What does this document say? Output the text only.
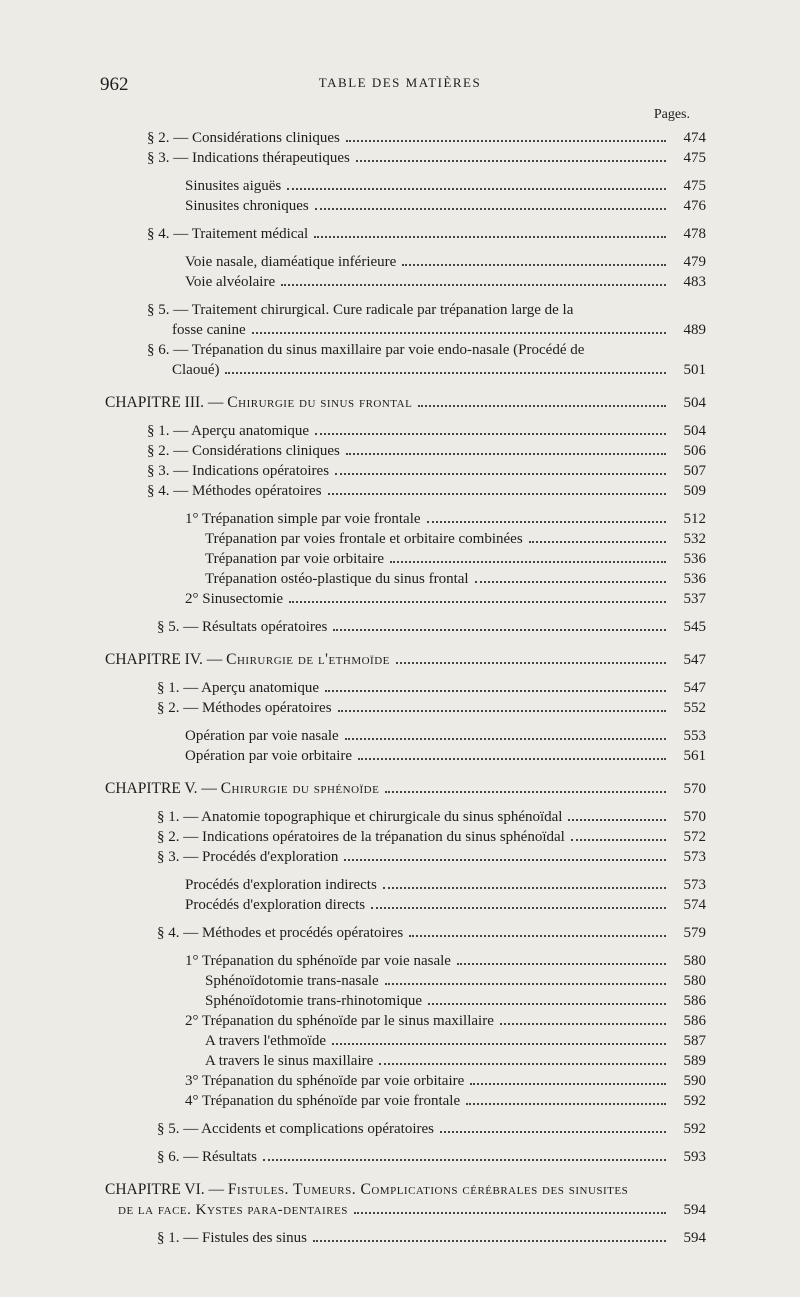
962	TABLE DES MATIÈRES
Pages.
§ 2. — Considérations cliniques	474
§ 3. — Indications thérapeutiques	475
Sinusites aiguës	475
Sinusites chroniques	476
§ 4. — Traitement médical	478
Voie nasale, diaméatique inférieure	479
Voie alvéolaire	483
§ 5. — Traitement chirurgical. Cure radicale par trépanation large de la
fosse canine	489
§ 6. — Trépanation du sinus maxillaire par voie endo-nasale (Procédé de
Claoué)	501
CHAPITRE III. — Chirurgie du sinus frontal	504
§ 1. — Aperçu anatomique	504
§ 2. — Considérations cliniques	506
§ 3. — Indications opératoires	507
§ 4. — Méthodes opératoires	509
1° Trépanation simple par voie frontale	512
Trépanation par voies frontale et orbitaire combinées	532
Trépanation par voie orbitaire	536
Trépanation ostéo-plastique du sinus frontal	536
2° Sinusectomie	537
§ 5. — Résultats opératoires	545
CHAPITRE IV. — Chirurgie de l'ethmoïde	547
§ 1. — Aperçu anatomique	547
§ 2. — Méthodes opératoires	552
Opération par voie nasale	553
Opération par voie orbitaire	561
CHAPITRE V. — Chirurgie du sphénoïde	570
§ 1. — Anatomie topographique et chirurgicale du sinus sphénoïdal	570
§ 2. — Indications opératoires de la trépanation du sinus sphénoïdal	572
§ 3. — Procédés d'exploration	573
Procédés d'exploration indirects	573
Procédés d'exploration directs	574
§ 4. — Méthodes et procédés opératoires	579
1° Trépanation du sphénoïde par voie nasale	580
Sphénoïdotomie trans-nasale	580
Sphénoïdotomie trans-rhinotomique	586
2° Trépanation du sphénoïde par le sinus maxillaire	586
A travers l'ethmoïde	587
A travers le sinus maxillaire	589
3° Trépanation du sphénoïde par voie orbitaire	590
4° Trépanation du sphénoïde par voie frontale	592
§ 5. — Accidents et complications opératoires	592
§ 6. — Résultats	593
CHAPITRE VI. — Fistules. Tumeurs. Complications cérébrales des sinusites
de la face. Kystes para-dentaires	594
§ 1. — Fistules des sinus	594
